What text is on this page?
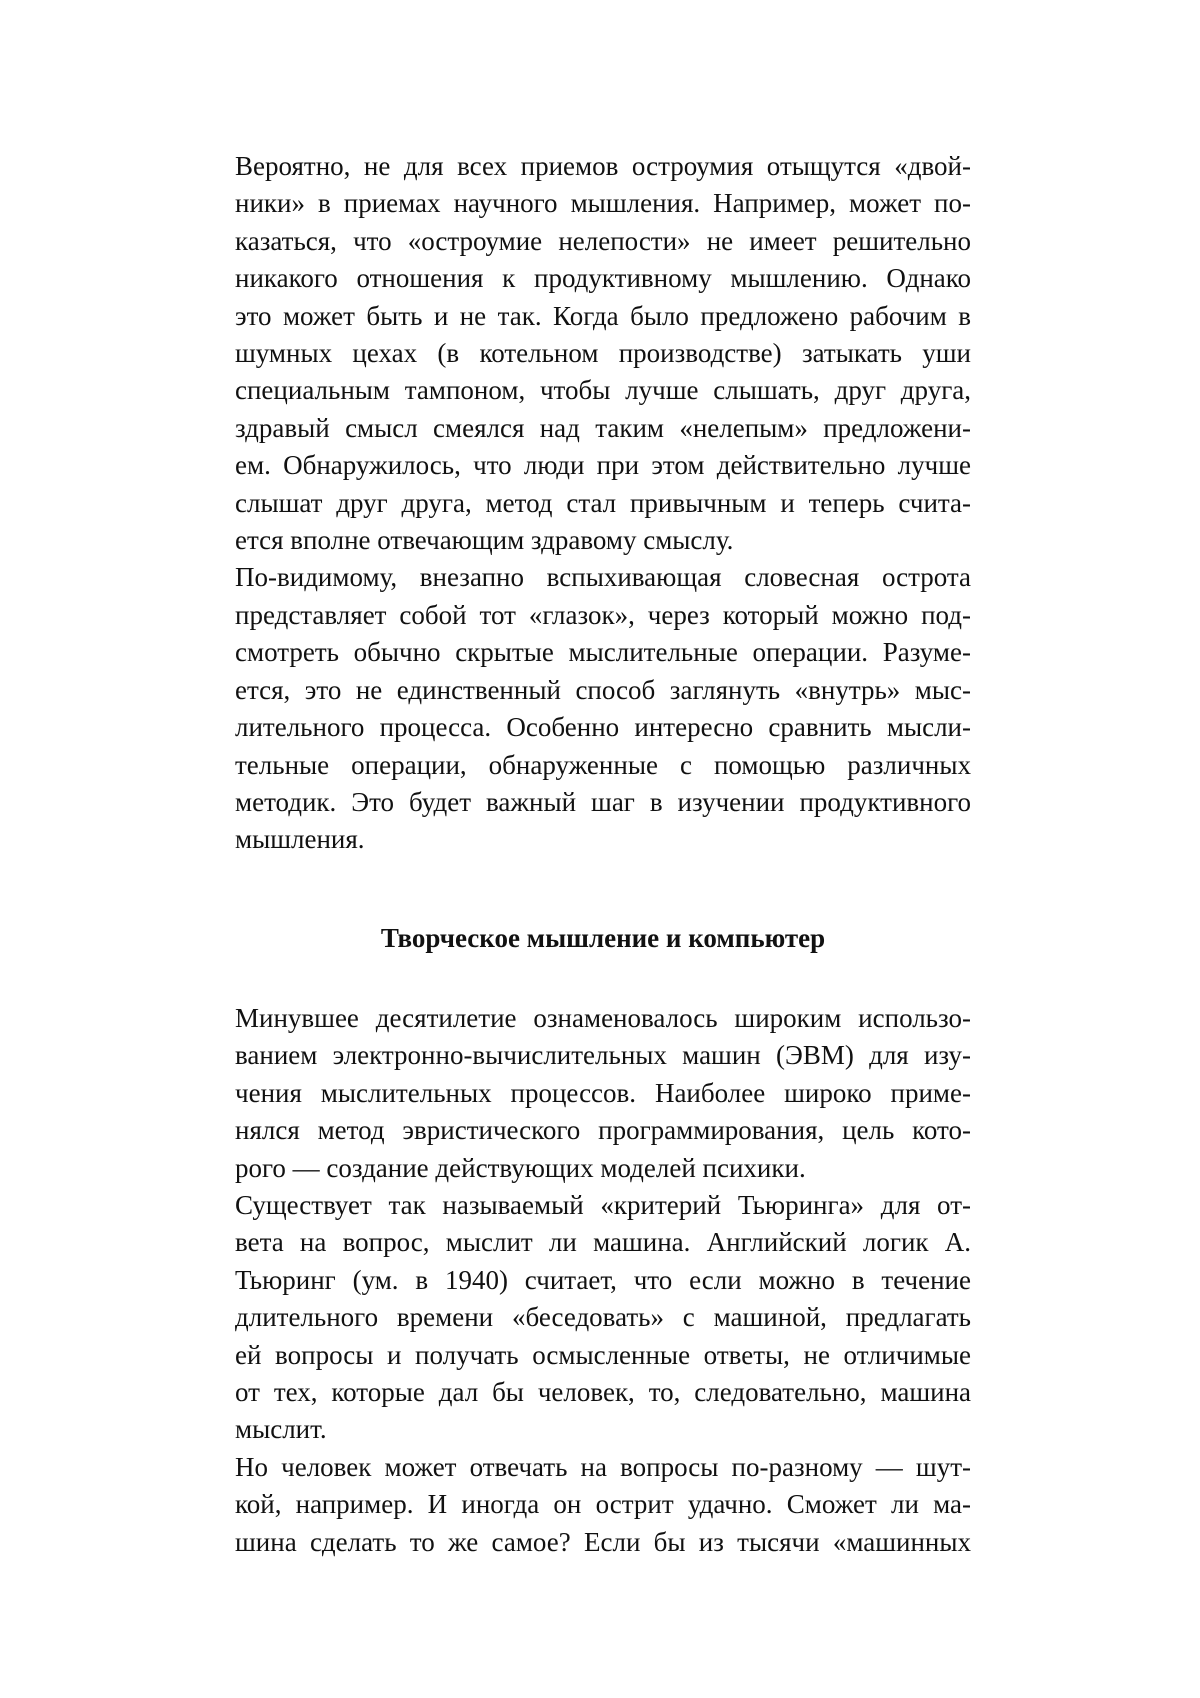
Вероятно, не для всех приемов остроумия отыщутся «двой-

ники» в приемах научного мышления. Например, может по-

казаться, что «остроумие нелепости» не имеет решительно

никакого отношения к продуктивному мышлению. Однако

это может быть и не так. Когда было предложено рабочим в

шумных цехах (в котельном производстве) затыкать уши

специальным тампоном, чтобы лучше слышать, друг друга,

здравый смысл смеялся над таким «нелепым» предложени-

ем. Обнаружилось, что люди при этом действительно лучше

слышат друг друга, метод стал привычным и теперь счита-

ется вполне отвечающим здравому смыслу.

По-видимому, внезапно вспыхивающая словесная острота

представляет собой тот «глазок», через который можно под-

смотреть обычно скрытые мыслительные операции. Разуме-

ется, это не единственный способ заглянуть «внутрь» мыс-

лительного процесса. Особенно интересно сравнить мысли-

тельные операции, обнаруженные с помощью различных

методик. Это будет важный шаг в изучении продуктивного

мышления.

Творческое мышление и компьютер

Минувшее десятилетие ознаменовалось широким использо-

ванием электронно-вычислительных машин (ЭВМ) для изу-

чения мыслительных процессов. Наиболее широко приме-

нялся метод эвристического программирования, цель кото-

рого — создание действующих моделей психики.

Существует так называемый «критерий Тьюринга» для от-

вета на вопрос, мыслит ли машина. Английский логик А.

Тьюринг (ум. в 1940) считает, что если можно в течение

длительного времени «беседовать» с машиной, предлагать

ей вопросы и получать осмысленные ответы, не отличимые

от тех, которые дал бы человек, то, следовательно, машина

мыслит.

Но человек может отвечать на вопросы по-разному — шут-

кой, например. И иногда он острит удачно. Сможет ли ма-

шина сделать то же самое? Если бы из тысячи «машинных
